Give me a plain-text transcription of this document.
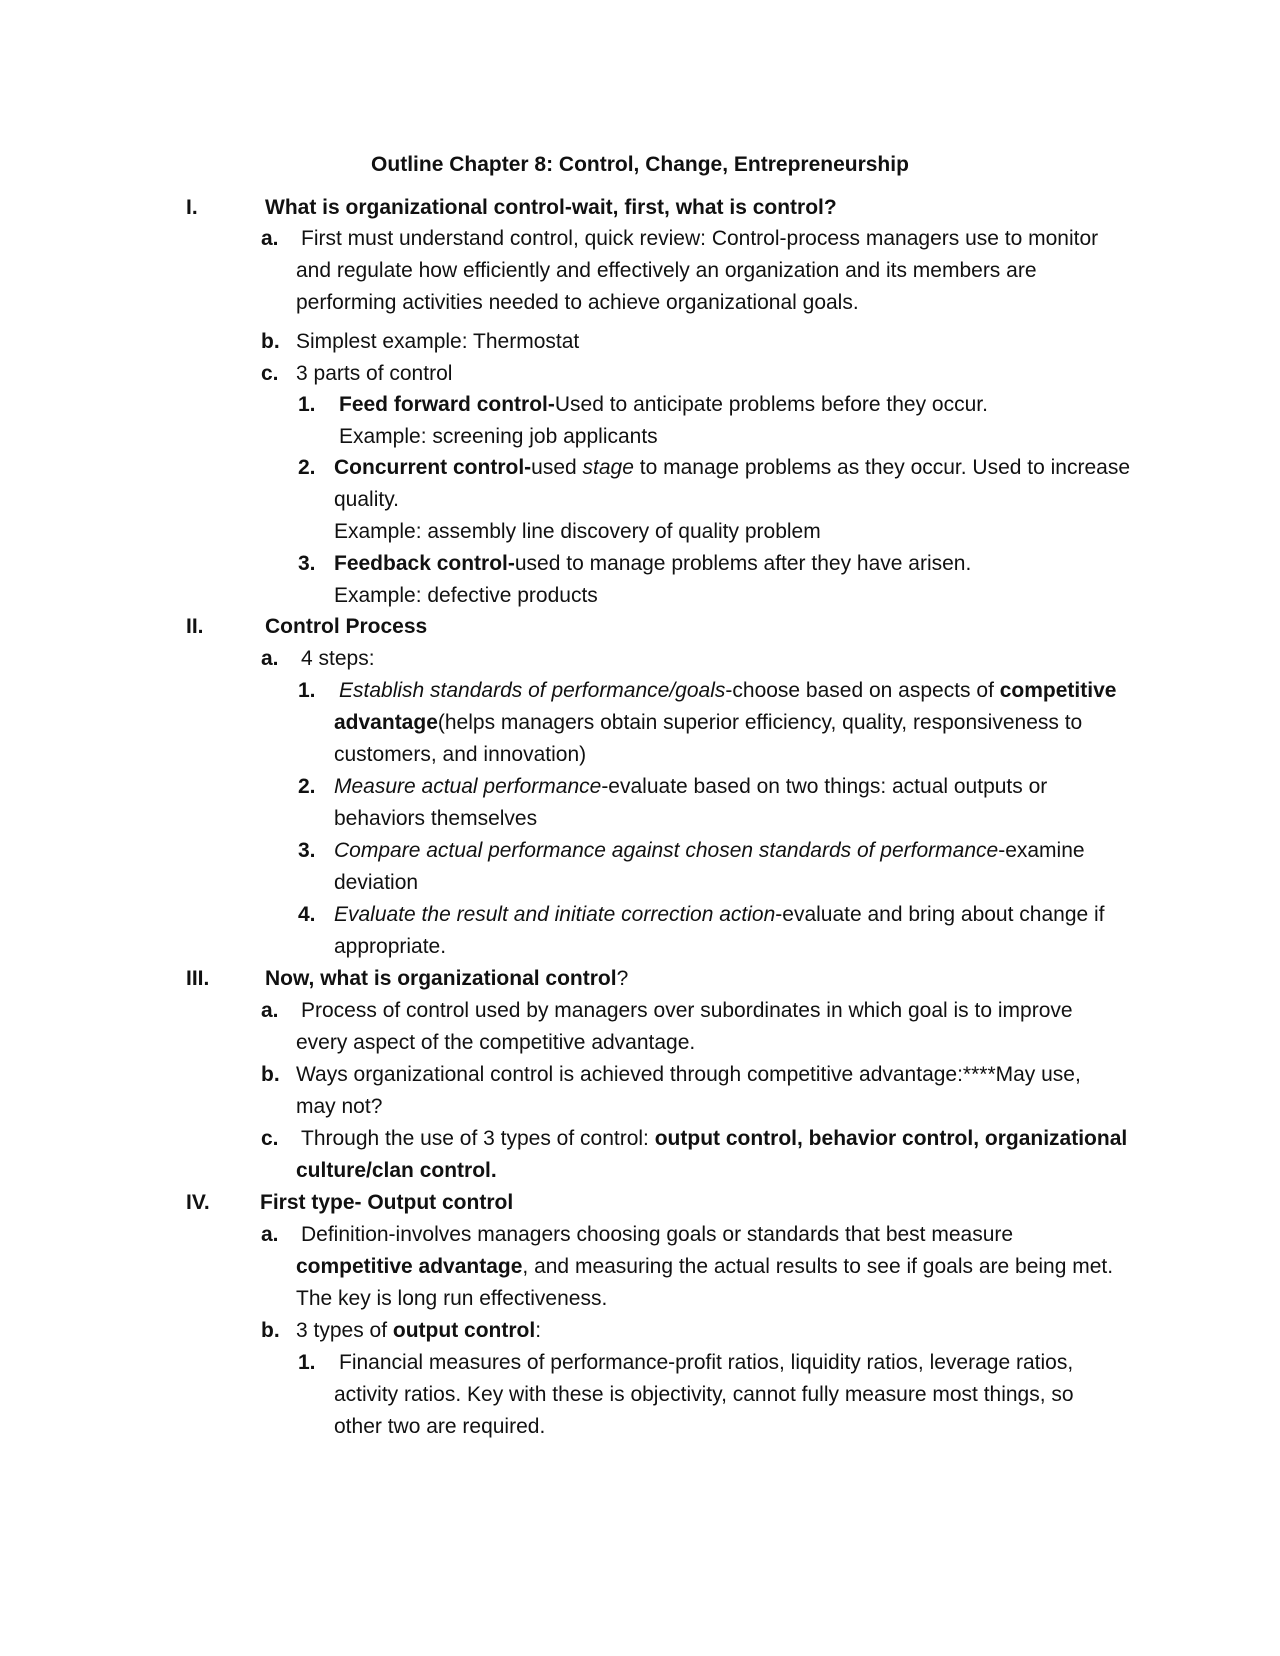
Outline Chapter 8: Control, Change, Entrepreneurship
I.	What is organizational control-wait, first, what is control?
a. First must understand control, quick review: Control-process managers use to monitor
and regulate how efficiently and effectively an organization and its members are
performing activities needed to achieve organizational goals.
b. Simplest example: Thermostat
c. 3 parts of control
1. Feed forward control-Used to anticipate problems before they occur.
Example: screening job applicants
2. Concurrent control-used stage to manage problems as they occur. Used to increase
quality.
Example: assembly line discovery of quality problem
3. Feedback control-used to manage problems after they have arisen.
Example: defective products
II.	Control Process
a. 4 steps:
1. Establish standards of performance/goals-choose based on aspects of competitive
advantage(helps managers obtain superior efficiency, quality, responsiveness to
customers, and innovation)
2. Measure actual performance-evaluate based on two things: actual outputs or
behaviors themselves
3. Compare actual performance against chosen standards of performance-examine
deviation
4. Evaluate the result and initiate correction action-evaluate and bring about change if
appropriate.
III.	Now, what is organizational control?
a. Process of control used by managers over subordinates in which goal is to improve
every aspect of the competitive advantage.
b. Ways organizational control is achieved through competitive advantage:****May use,
may not?
c. Through the use of 3 types of control: output control, behavior control, organizational
culture/clan control.
IV. First type- Output control
a. Definition-involves managers choosing goals or standards that best measure
competitive advantage, and measuring the actual results to see if goals are being met.
The key is long run effectiveness.
b. 3 types of output control:
1. Financial measures of performance-profit ratios, liquidity ratios, leverage ratios,
activity ratios. Key with these is objectivity, cannot fully measure most things, so
other two are required.
